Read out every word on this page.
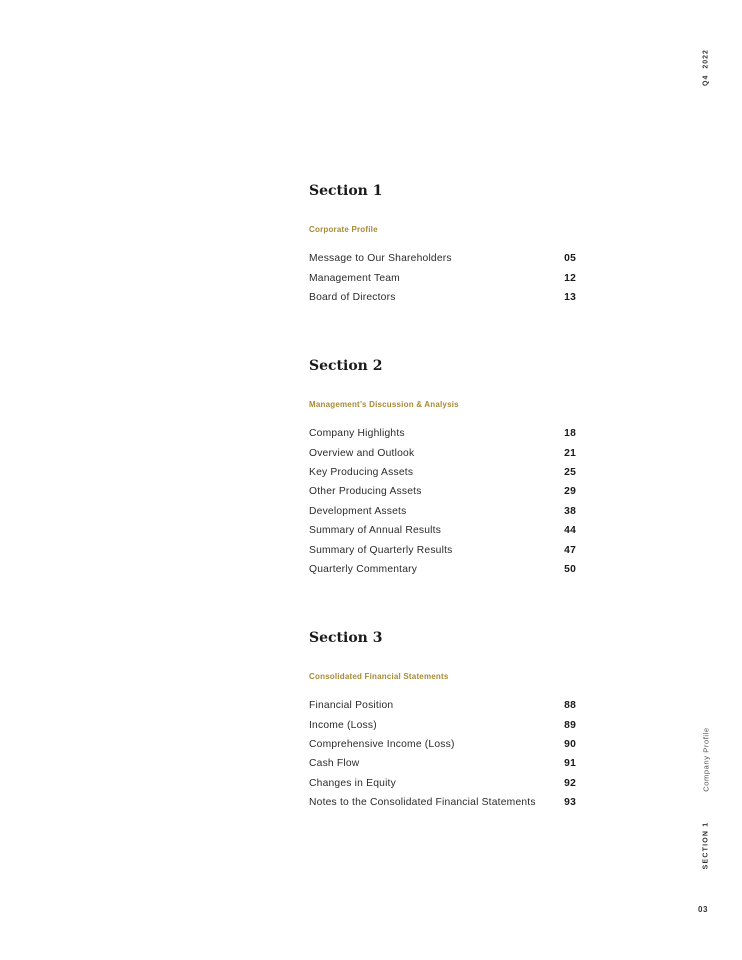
Q42022
Company Profile
SECTION 1
03
Section 1
Corporate Profile
Message to Our Shareholders	05
Management Team	12
Board of Directors	13
Section 2
Management’s Discussion & Analysis
Company Highlights	18
Overview and Outlook	21
Key Producing Assets	25
Other Producing Assets	29
Development Assets	38
Summary of Annual Results	44
Summary of Quarterly Results	47
Quarterly Commentary	50
Section 3
Consolidated Financial Statements
Financial Position	88
Income (Loss)	89
Comprehensive Income (Loss)	90
Cash Flow	91
Changes in Equity	92
Notes to the Consolidated Financial Statements	93
